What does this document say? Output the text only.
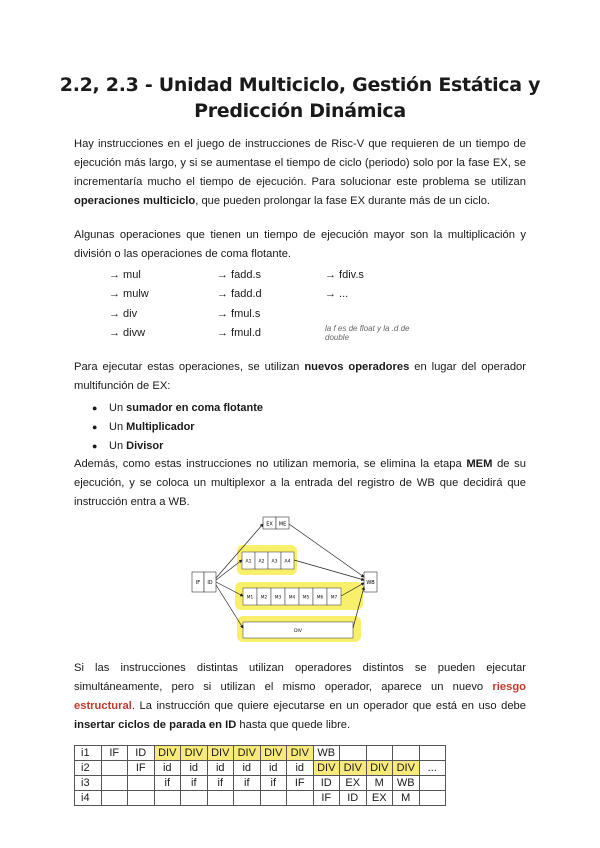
2.2, 2.3 - Unidad Multiciclo, Gestión Estática y
Predicción Dinámica
Hay instrucciones en el juego de instrucciones de Risc-V que requieren de un tiempo de ejecución más largo, y si se aumentase el tiempo de ciclo (periodo) solo por la fase EX, se incrementaría mucho el tiempo de ejecución. Para solucionar este problema se utilizan operaciones multiciclo, que pueden prolongar la fase EX durante más de un ciclo.
Algunas operaciones que tienen un tiempo de ejecución mayor son la multiplicación y división o las operaciones de coma flotante.
→ mul	→ fadd.s	→ fdiv.s
→ mulw	→ fadd.d	→ ...
→ div	→ fmul.s
→ divw	→ fmul.d	la f es de float y la .d de double
Para ejecutar estas operaciones, se utilizan nuevos operadores en lugar del operador multifunción de EX:
●	Un
sumador en coma flotante
●	Un
Multiplicador
●	Un
Divisor
Además, como estas instrucciones no utilizan memoria, se elimina la etapa MEM de su ejecución, y se coloca un multiplexor a la entrada del registro de WB que decidirá que instrucción entra a WB.
EX ME
IF ID	WB
A1 A2 A3 A4
M1 M2 M3 M4 M5 M6 M7
DIV
Si las instrucciones distintas utilizan operadores distintos se pueden ejecutar simultáneamente, pero si utilizan el mismo operador, aparece un nuevo riesgo estructural. La instrucción que quiere ejecutarse en un operador que está en uso debe insertar ciclos de parada en ID hasta que quede libre.
i1	IF	ID	DIV	DIV	DIV	DIV	DIV	DIV	WB				
i2		IF	id	id	id	id	id	id	DIV	DIV	DIV	DIV	...
i3			if	if	if	if	if	IF	ID	EX	M	WB	
i4									IF	ID	EX	M	
